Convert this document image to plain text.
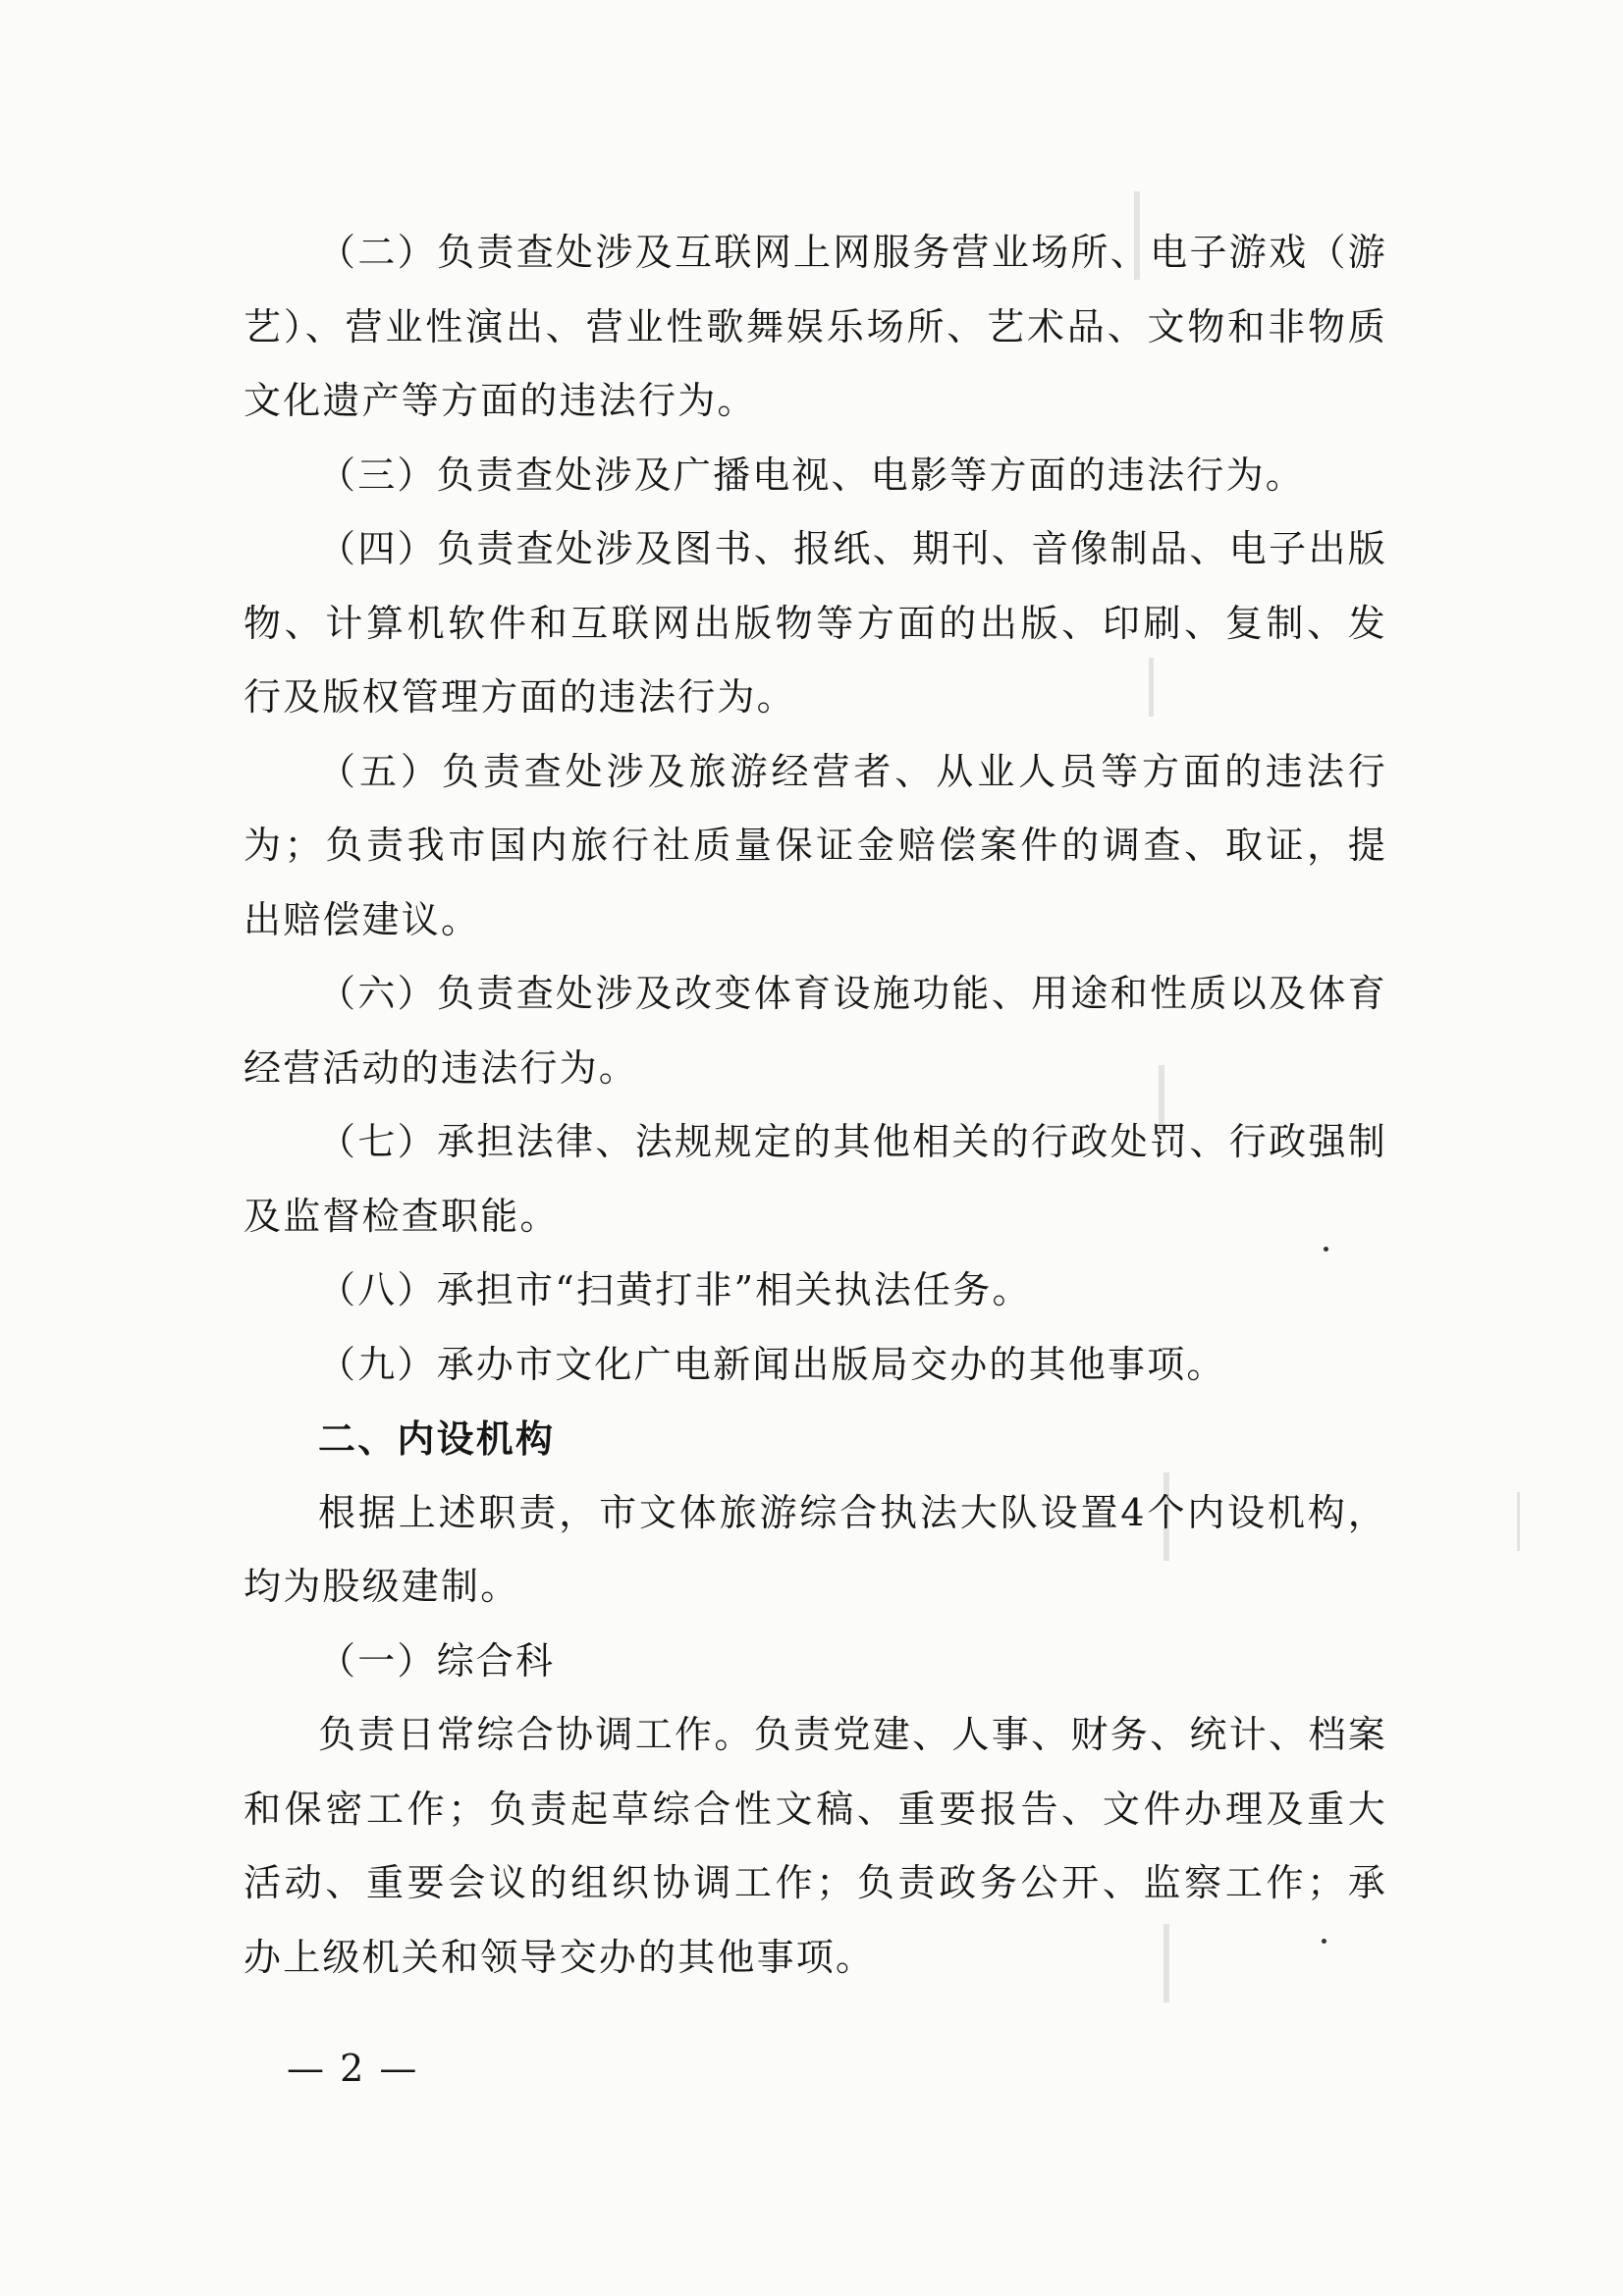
（二）负责查处涉及互联网上网服务营业场所、电子游戏（游艺）、营业性演出、营业性歌舞娱乐场所、艺术品、文物和非物质文化遗产等方面的违法行为。

（三）负责查处涉及广播电视、电影等方面的违法行为。

（四）负责查处涉及图书、报纸、期刊、音像制品、电子出版物、计算机软件和互联网出版物等方面的出版、印刷、复制、发行及版权管理方面的违法行为。

（五）负责查处涉及旅游经营者、从业人员等方面的违法行为；负责我市国内旅行社质量保证金赔偿案件的调查、取证，提出赔偿建议。

（六）负责查处涉及改变体育设施功能、用途和性质以及体育经营活动的违法行为。

（七）承担法律、法规规定的其他相关的行政处罚、行政强制及监督检查职能。

（八）承担市“扫黄打非”相关执法任务。

（九）承办市文化广电新闻出版局交办的其他事项。

二、内设机构

根据上述职责，市文体旅游综合执法大队设置4个内设机构，均为股级建制。

（一）综合科

负责日常综合协调工作。负责党建、人事、财务、统计、档案和保密工作；负责起草综合性文稿、重要报告、文件办理及重大活动、重要会议的组织协调工作；负责政务公开、监察工作；承办上级机关和领导交办的其他事项。

— 2 —
